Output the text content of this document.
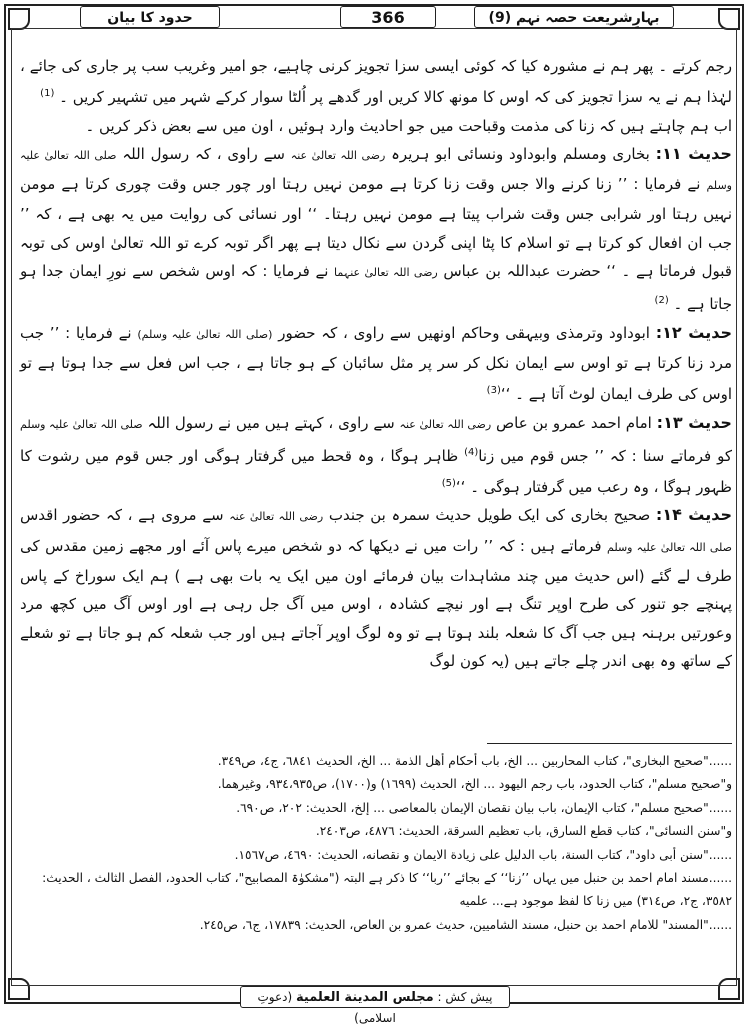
بہارِشریعت حصہ نہم (9)
366
حدود کا بیان

رجم کرتے ۔ پھر ہم نے مشورہ کیا کہ کوئی ایسی سزا تجویز کرنی چاہیے، جو امیر وغریب سب پر جاری کی جائے ، لہٰذا ہم نے یہ سزا تجویز کی کہ اوس کا مونھ کالا کریں اور گدھے پر اُلٹا سوار کرکے شہر میں تشہیر کریں ۔ $^{(1)}$

اب ہم چاہتے ہیں کہ زنا کی مذمت وقباحت میں جو احادیث وارد ہوئیں ، اون میں سے بعض ذکر کریں ۔

حدیث ۱۱: بخاری ومسلم وابوداود ونسائی ابو ہریرہ رضی اللہ تعالیٰ عنہ سے راوی ، کہ رسول اللہ صلی اللہ تعالیٰ علیہ وسلم نے فرمایا : ’’ زنا کرنے والا جس وقت زنا کرتا ہے مومن نہیں رہتا اور چور جس وقت چوری کرتا ہے مومن نہیں رہتا اور شرابی جس وقت شراب پیتا ہے مومن نہیں رہتا۔ ‘‘ اور نسائی کی روایت میں یہ بھی ہے ، کہ ’’ جب ان افعال کو کرتا ہے تو اسلام کا پٹا اپنی گردن سے نکال دیتا ہے پھر اگر توبہ کرے تو اللہ تعالیٰ اوس کی توبہ قبول فرماتا ہے ۔ ‘‘ حضرت عبداللہ بن عباس رضی اللہ تعالیٰ عنہما نے فرمایا : کہ اوس شخص سے نورِ ایمان جدا ہو جاتا ہے ۔ $^{(2)}$

حدیث ۱۲: ابوداود وترمذی وبیہقی وحاکم اونھیں سے راوی ، کہ حضور (صلی اللہ تعالیٰ علیہ وسلم) نے فرمایا : ’’ جب مرد زنا کرتا ہے تو اوس سے ایمان نکل کر سر پر مثل سائبان کے ہو جاتا ہے ، جب اس فعل سے جدا ہوتا ہے تو اوس کی طرف ایمان لوٹ آتا ہے ۔ ‘‘$^{(3)}$

حدیث ۱۳: امام احمد عمرو بن عاص رضی اللہ تعالیٰ عنہ سے راوی ، کہتے ہیں میں نے رسول اللہ صلی اللہ تعالیٰ علیہ وسلم کو فرماتے سنا : کہ ’’ جس قوم میں زنا$^{(4)}$ ظاہر ہوگا ، وہ قحط میں گرفتار ہوگی اور جس قوم میں رشوت کا ظہور ہوگا ، وہ رعب میں گرفتار ہوگی ۔ ‘‘$^{(5)}$

حدیث ۱۴: صحیح بخاری کی ایک طویل حدیث سمرہ بن جندب رضی اللہ تعالیٰ عنہ سے مروی ہے ، کہ حضور اقدس صلی اللہ تعالیٰ علیہ وسلم فرماتے ہیں : کہ ’’ رات میں نے دیکھا کہ دو شخص میرے پاس آئے اور مجھے زمین مقدس کی طرف لے گئے (اس حدیث میں چند مشاہدات بیان فرمائے اون میں ایک یہ بات بھی ہے ) ہم ایک سوراخ کے پاس پہنچے جو تنور کی طرح اوپر تنگ ہے اور نیچے کشادہ ، اوس میں آگ جل رہی ہے اور اوس آگ میں کچھ مرد وعورتیں برہنہ ہیں جب آگ کا شعلہ بلند ہوتا ہے تو وہ لوگ اوپر آجاتے ہیں اور جب شعلہ کم ہو جاتا ہے تو شعلے کے ساتھ وہ بھی اندر چلے جاتے ہیں (یہ کون لوگ

......"صحیح البخاری"، کتاب المحاربین ... الخ، باب أحکام أهل الذمة ... الخ، الحدیث ٦٨٤١، ج٤، ص٣٤٩.

و"صحیح مسلم"، کتاب الحدود، باب رجم الیهود ... الخ، الحدیث (١٦٩٩) و(١٧٠٠)، ص٩٣٤،٩٣٥، وغیرهما.

......"صحیح مسلم"، کتاب الإیمان، باب بیان نقصان الإیمان بالمعاصی ... إلخ، الحدیث: ٢٠٢، ص٦٩٠.

و"سنن النسائی"، کتاب قطع السارق، باب تعظیم السرقة، الحدیث: ٤٨٧٦، ص٢٤٠٣.

......"سنن أبی داود"، کتاب السنة، باب الدلیل علی زیادة الایمان و نقصانه، الحدیث: ٤٦٩٠، ص١٥٦٧.

......مسند امام احمد بن حنبل میں یہاں ’’زنا‘‘ کے بجائے ’’ربا‘‘ کا ذکر ہے البتہ ("مشکوٰۃ المصابیح"، کتاب الحدود، الفصل الثالث ، الحدیث: ٣٥٨٢، ج٢، ص٣١٤) میں زنا کا لفظ موجود ہے... علمیه

......"المسند" للامام احمد بن حنبل، مسند الشامیین، حدیث عمرو بن العاص، الحدیث: ١٧٨٣٩، ج٦، ص٢٤٥.

پیش کش : مجلس المدينة العلمية (دعوتِ اسلامی)
